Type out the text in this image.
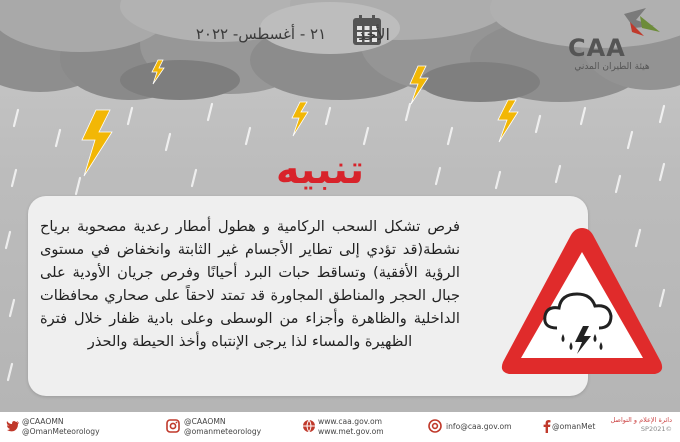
الأحد
٢١ - أغسطس- ٢٠٢٢	CAA
هيئة الطيران المدني
تنبيه
فرص تشكل السحب الركامية و هطول أمطار رعدية مصحوبة برياح نشطة(قد تؤدي إلى تطاير الأجسام غير الثابتة وانخفاض في مستوى الرؤية الأفقية) وتساقط حبات البرد أحيانًا وفرص جريان الأودية على جبال الحجر والمناطق المجاورة قد تمتد لاحقاً على صحاري محافظات الداخلية والظاهرة وأجزاء من الوسطى وعلى بادية ظفار خلال فترة الظهيرة والمساء لذا يرجى الإنتباه وأخذ الحيطة والحذر
@CAAOMN
@OmanMeteorology
@CAAOMN
@omanmeteorology
www.caa.gov.om
www.met.gov.om
info@caa.gov.om	@omanMet
دائرة الإعلام و التواصل
©SP2021
